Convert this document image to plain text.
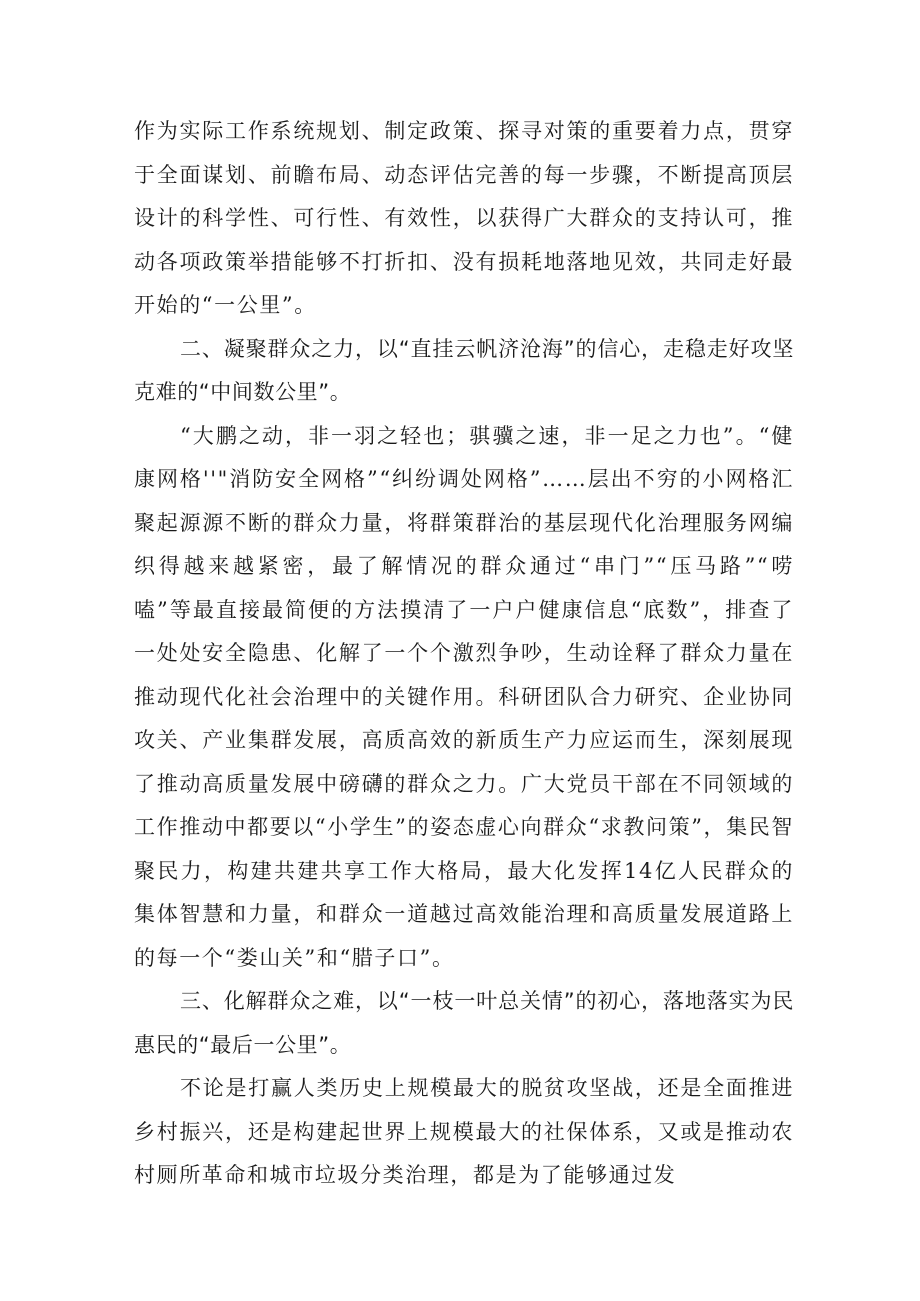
作为实际工作系统规划、制定政策、探寻对策的重要着力点，贯穿于全面谋划、前瞻布局、动态评估完善的每一步骤，不断提高顶层设计的科学性、可行性、有效性，以获得广大群众的支持认可，推动各项政策举措能够不打折扣、没有损耗地落地见效，共同走好最开始的“一公里”。

二、凝聚群众之力，以“直挂云帆济沧海”的信心，走稳走好攻坚克难的“中间数公里”。

“大鹏之动，非一羽之轻也；骐骥之速，非一足之力也”。“健康网格''"消防安全网格”“纠纷调处网格”……层出不穷的小网格汇聚起源源不断的群众力量，将群策群治的基层现代化治理服务网编织得越来越紧密，最了解情况的群众通过“串门”“压马路”“唠嗑”等最直接最简便的方法摸清了一户户健康信息“底数”，排查了一处处安全隐患、化解了一个个激烈争吵，生动诠释了群众力量在推动现代化社会治理中的关键作用。科研团队合力研究、企业协同攻关、产业集群发展，高质高效的新质生产力应运而生，深刻展现了推动高质量发展中磅礴的群众之力。广大党员干部在不同领域的工作推动中都要以“小学生”的姿态虚心向群众“求教问策”，集民智聚民力，构建共建共享工作大格局，最大化发挥14亿人民群众的集体智慧和力量，和群众一道越过高效能治理和高质量发展道路上的每一个“娄山关”和“腊子口”。

三、化解群众之难，以“一枝一叶总关情”的初心，落地落实为民惠民的“最后一公里”。

不论是打赢人类历史上规模最大的脱贫攻坚战，还是全面推进乡村振兴，还是构建起世界上规模最大的社保体系，又或是推动农村厕所革命和城市垃圾分类治理，都是为了能够通过发
